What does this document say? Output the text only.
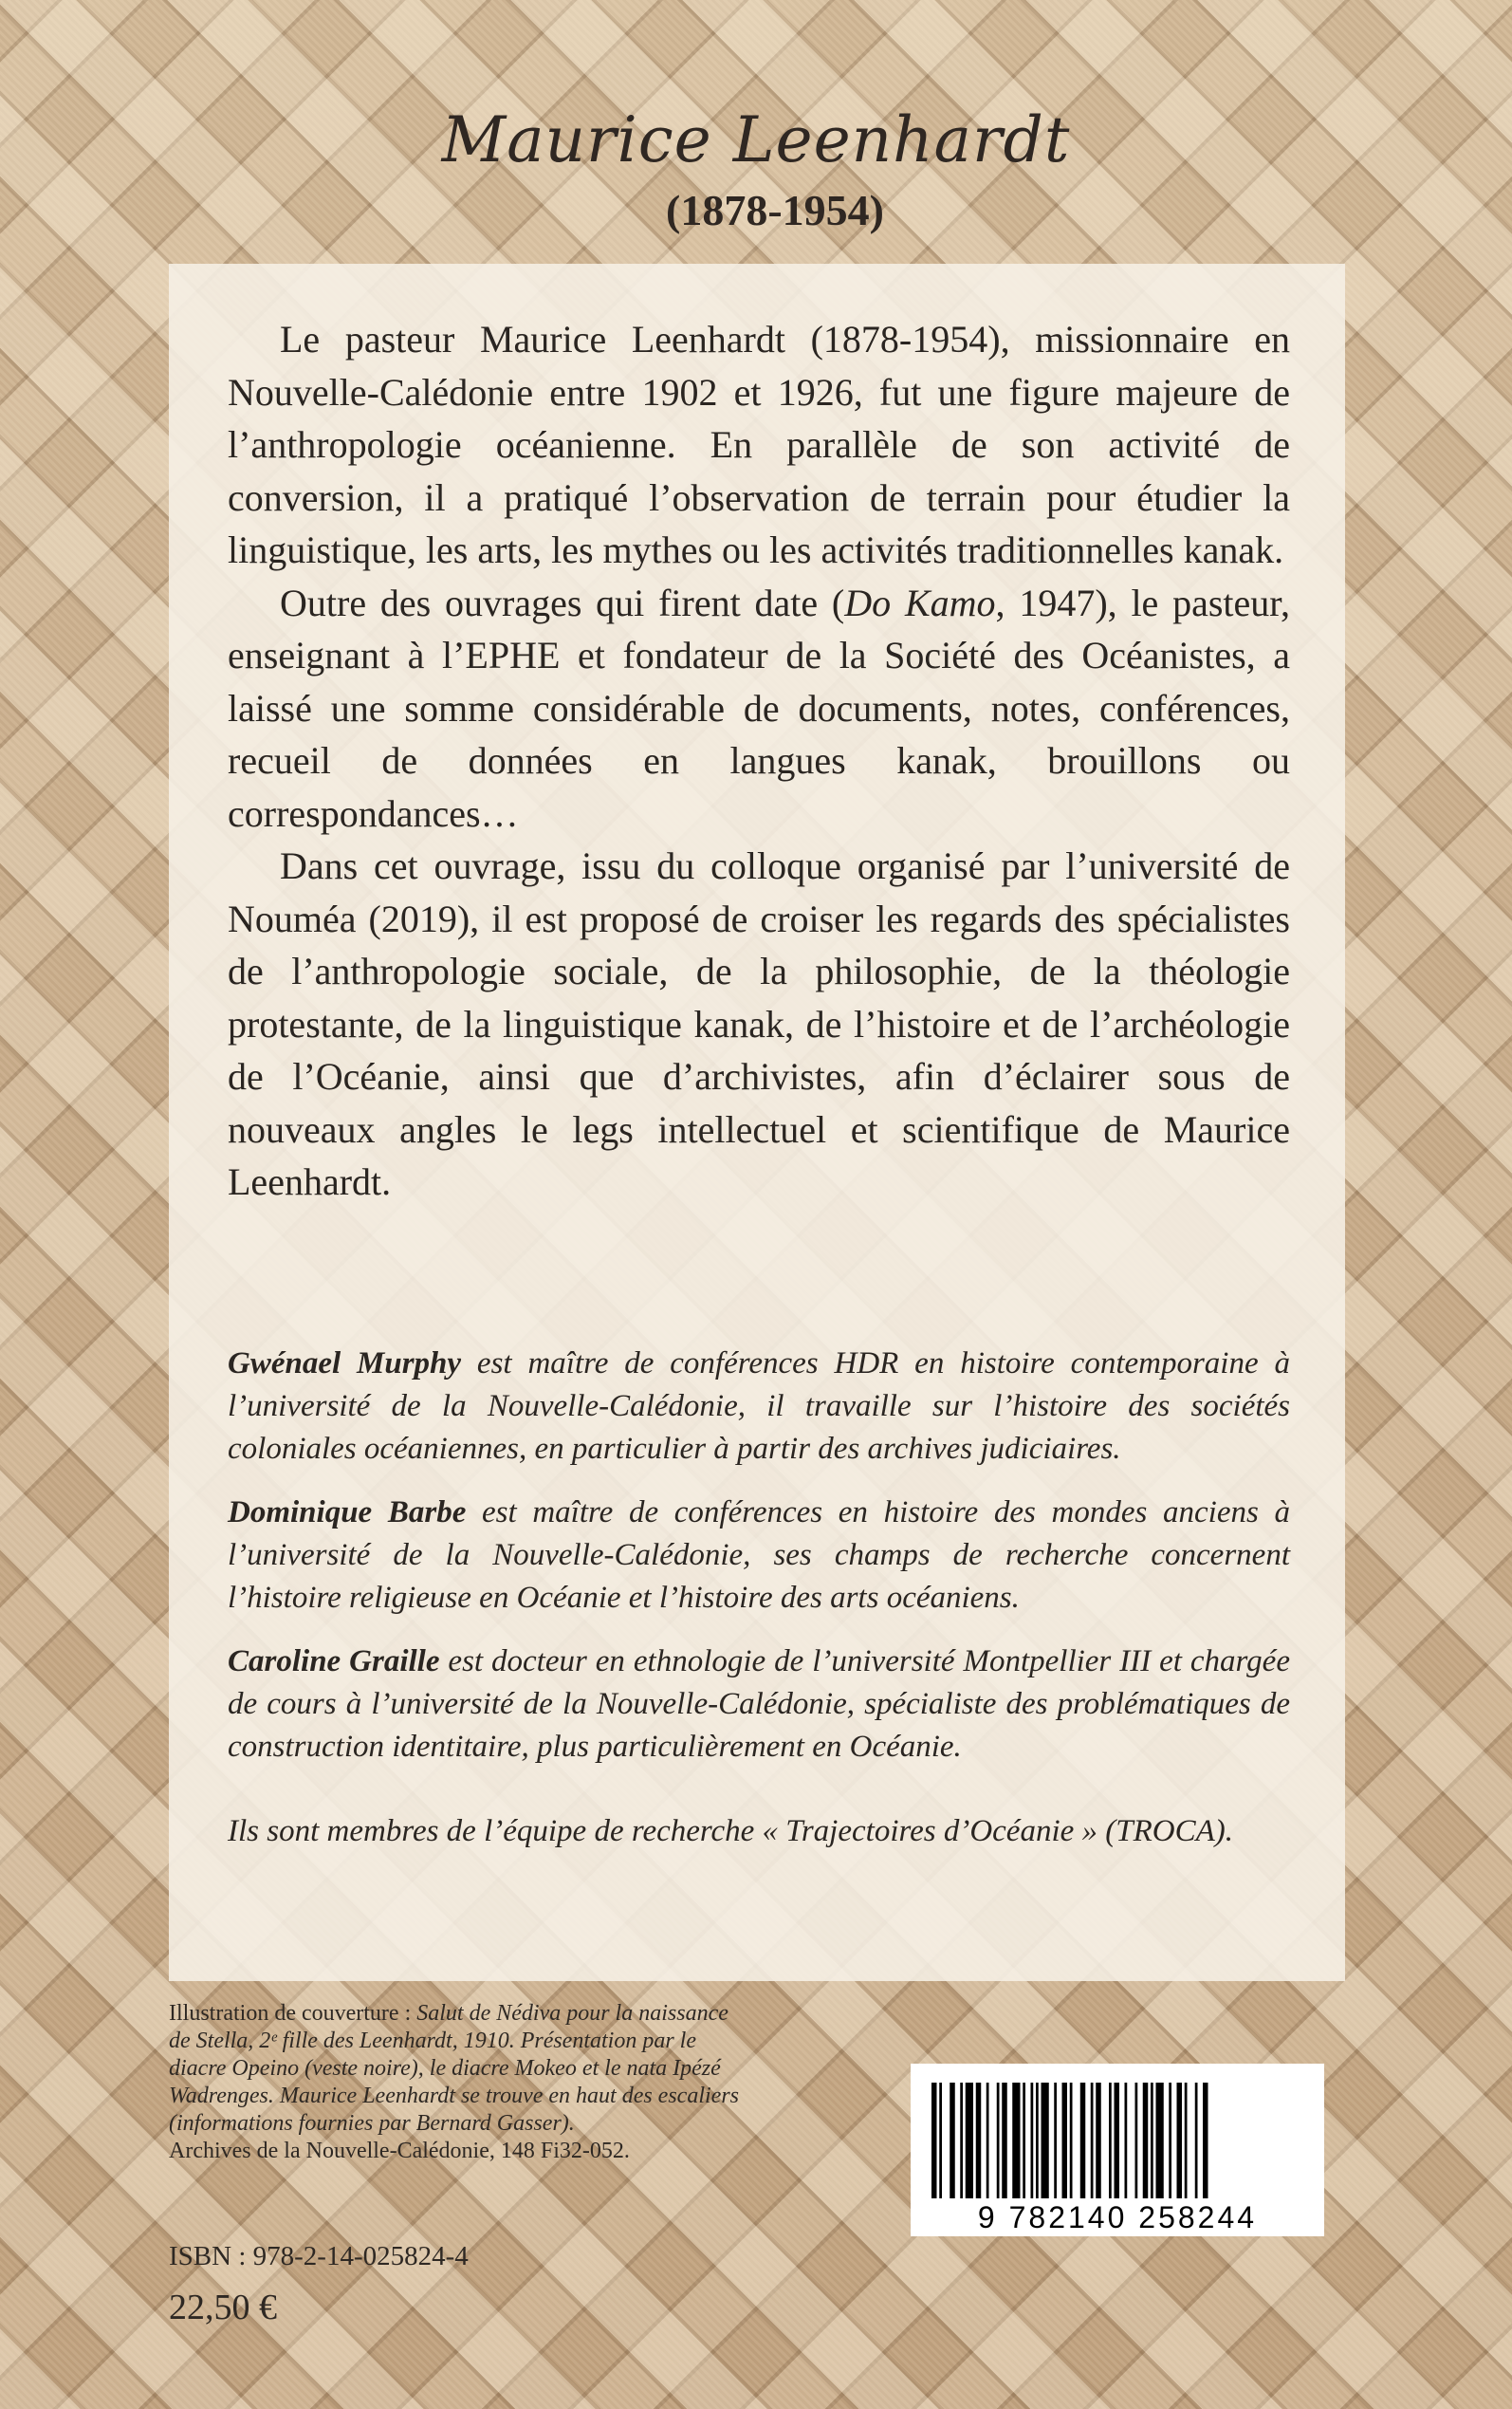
Maurice Leenhardt
(1878-1954)

Le pasteur Maurice Leenhardt (1878-1954), missionnaire en Nouvelle-Calédonie entre 1902 et 1926, fut une figure majeure de l’anthropologie océanienne. En parallèle de son activité de conversion, il a pratiqué l’observation de terrain pour étudier la linguistique, les arts, les mythes ou les activités traditionnelles kanak.

Outre des ouvrages qui firent date (Do Kamo, 1947), le pasteur, enseignant à l’EPHE et fondateur de la Société des Océanistes, a laissé une somme considérable de documents, notes, conférences, recueil de données en langues kanak, brouillons ou correspondances…

Dans cet ouvrage, issu du colloque organisé par l’université de Nouméa (2019), il est proposé de croiser les regards des spécialistes de l’anthropologie sociale, de la philosophie, de la théologie protestante, de la linguistique kanak, de l’histoire et de l’archéologie de l’Océanie, ainsi que d’archivistes, afin d’éclairer sous de nouveaux angles le legs intellectuel et scientifique de Maurice Leenhardt.

Gwénael Murphy est maître de conférences HDR en histoire contemporaine à l’université de la Nouvelle-Calédonie, il travaille sur l’histoire des sociétés coloniales océaniennes, en particulier à partir des archives judiciaires.

Dominique Barbe est maître de conférences en histoire des mondes anciens à l’université de la Nouvelle-Calédonie, ses champs de recherche concernent l’histoire religieuse en Océanie et l’histoire des arts océaniens.

Caroline Graille est docteur en ethnologie de l’université Montpellier III et chargée de cours à l’université de la Nouvelle-Calédonie, spécialiste des problématiques de construction identitaire, plus particulièrement en Océanie.

Ils sont membres de l’équipe de recherche « Trajectoires d’Océanie » (TROCA).

Illustration de couverture : Salut de Nédiva pour la naissance de Stella, 2ᵉ fille des Leenhardt, 1910. Présentation par le diacre Opeino (veste noire), le diacre Mokeo et le nata Ipézé Wadrenges. Maurice Leenhardt se trouve en haut des escaliers (informations fournies par Bernard Gasser).
Archives de la Nouvelle-Calédonie, 148 Fi32-052.
ISBN : 978-2-14-025824-4
22,50 €
9 782140 258244
